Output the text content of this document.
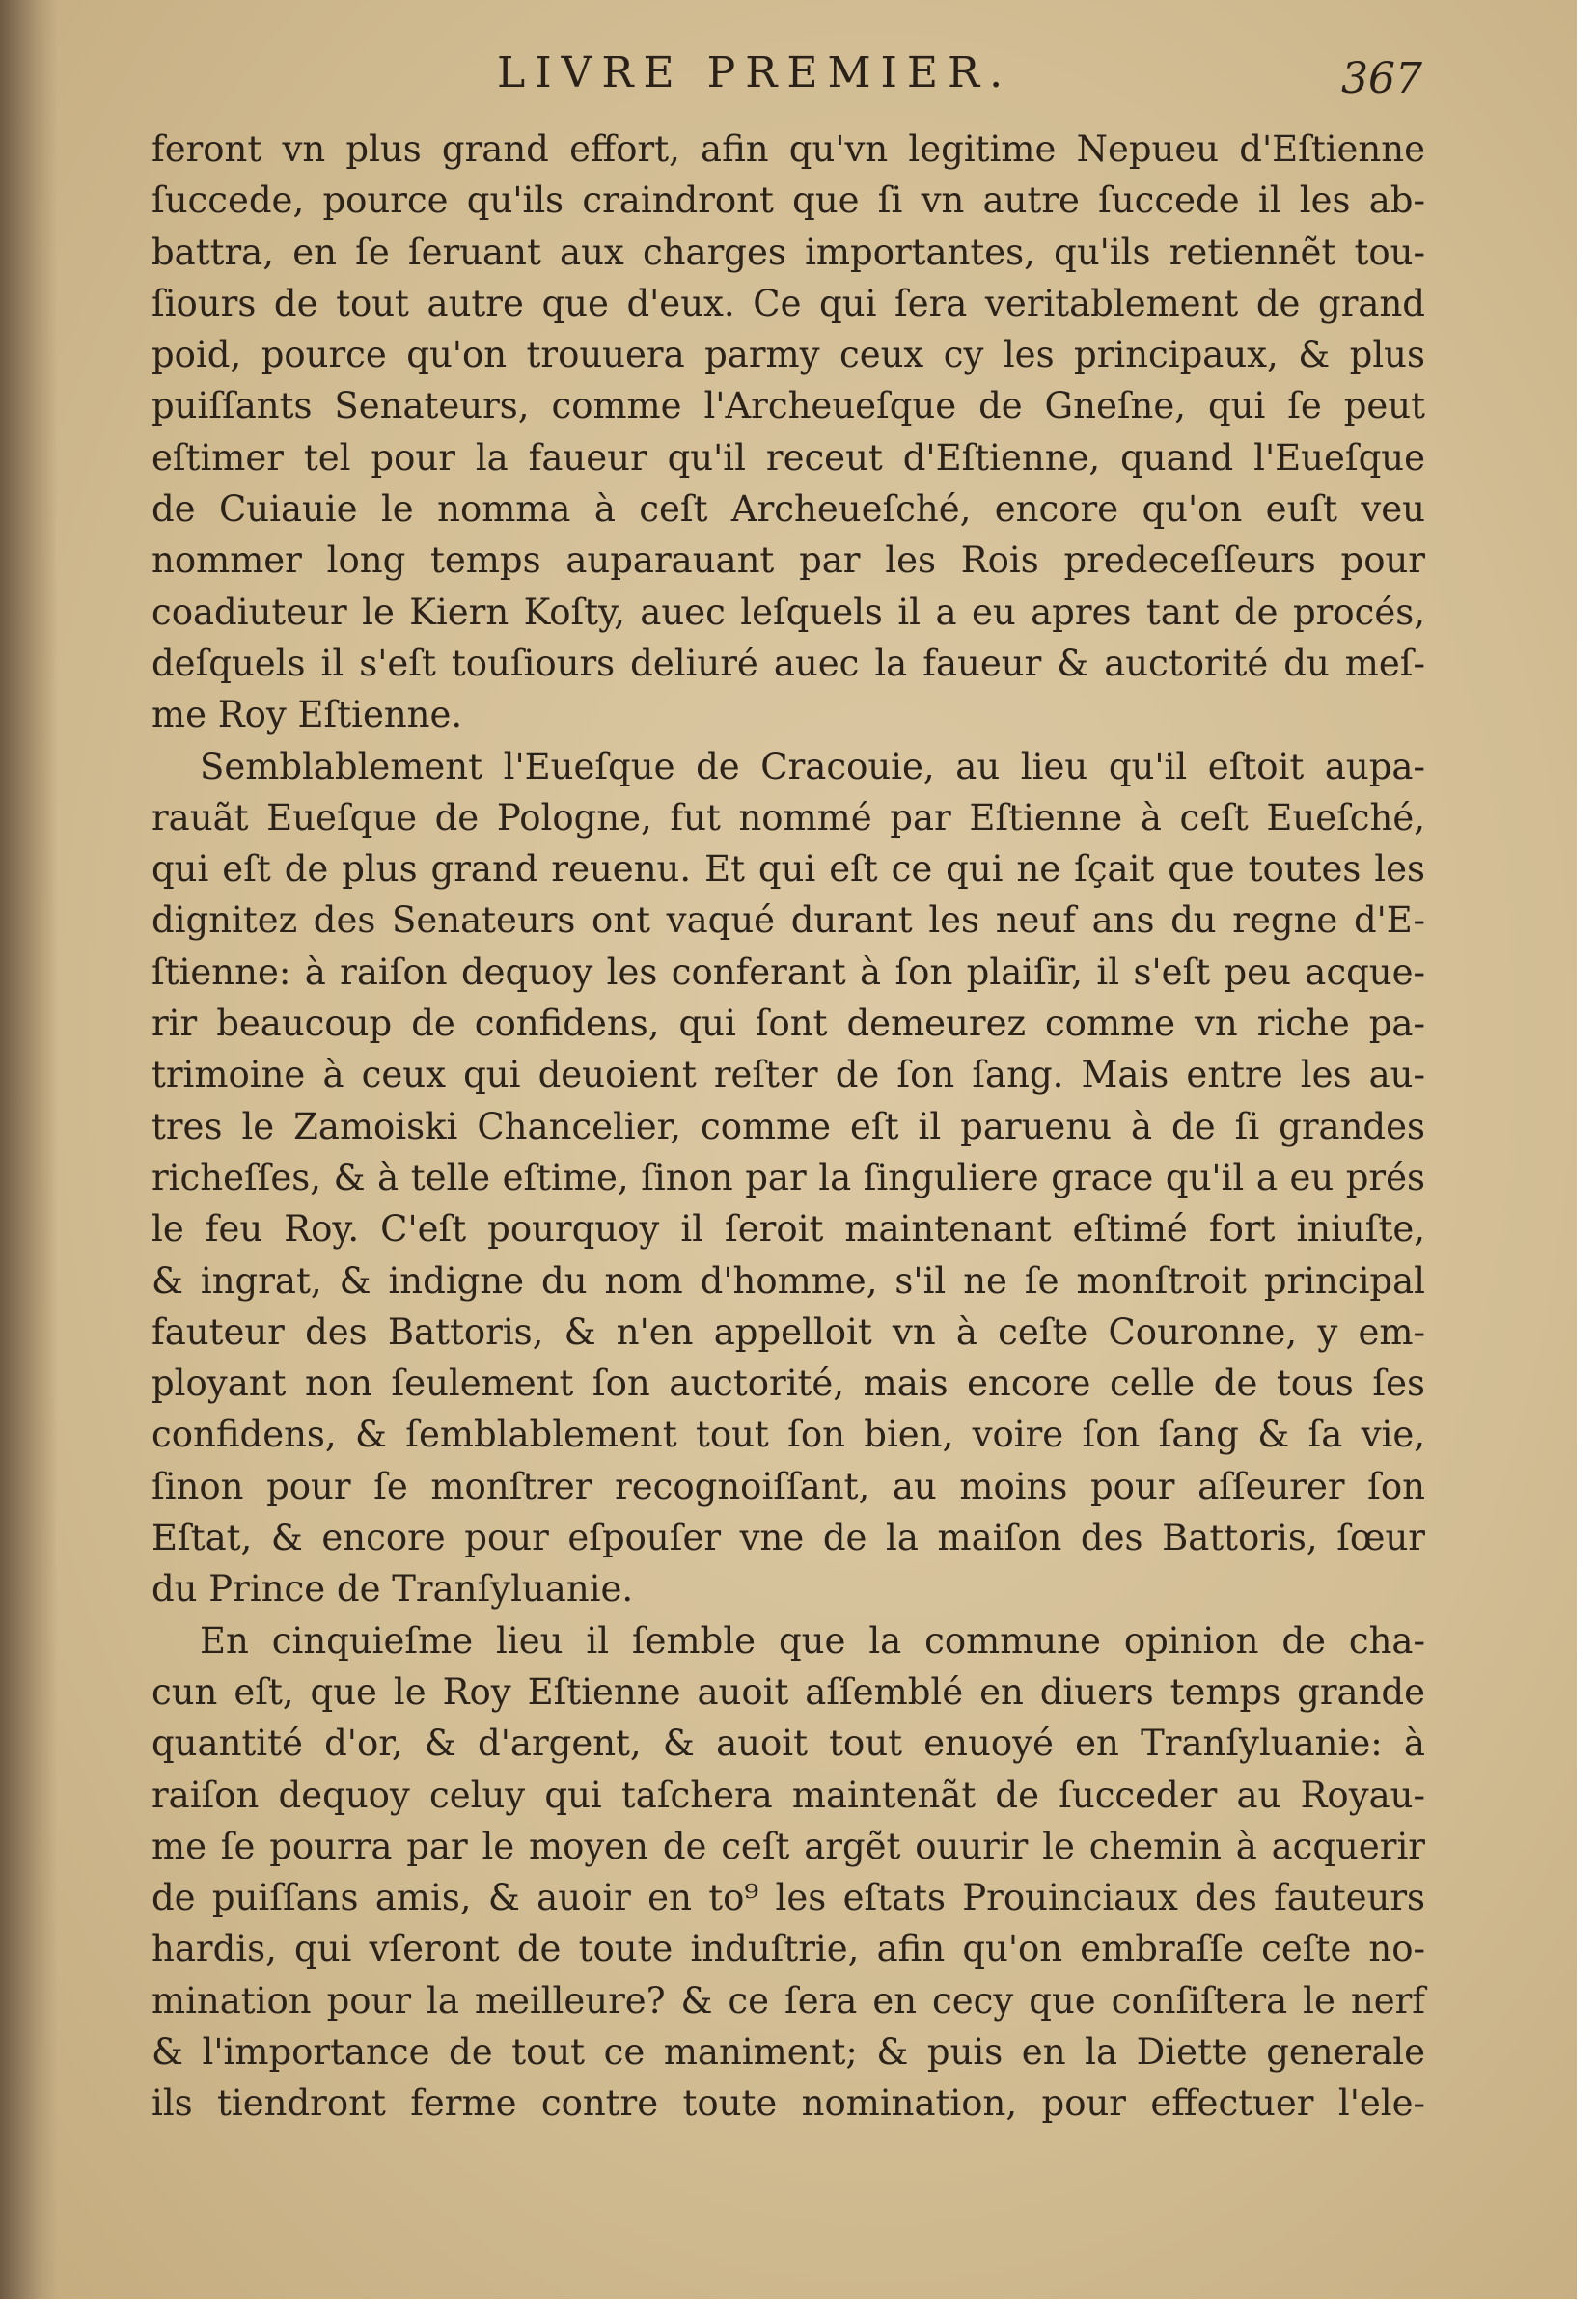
LIVRE PREMIER.	367
feront vn plus grand effort, afin qu'vn legitime Nepueu d'Eſtienne
ſuccede, pource qu'ils craindront que ſi vn autre ſuccede il les ab-
battra, en ſe ſeruant aux charges importantes, qu'ils retiennẽt tou-
ſiours de tout autre que d'eux. Ce qui ſera veritablement de grand
poid, pource qu'on trouuera parmy ceux cy les principaux, & plus
puiſſants Senateurs, comme l'Archeueſque de Gneſne, qui ſe peut
eſtimer tel pour la faueur qu'il receut d'Eſtienne, quand l'Eueſque
de Cuiauie le nomma à ceſt Archeueſché, encore qu'on euſt veu
nommer long temps auparauant par les Rois predeceſſeurs pour
coadiuteur le Kiern Koſty, auec leſquels il a eu apres tant de procés,
deſquels il s'eſt touſiours deliuré auec la faueur & auctorité du meſ-
me Roy Eſtienne.
Semblablement l'Eueſque de Cracouie, au lieu qu'il eſtoit aupa-
rauãt Eueſque de Pologne, fut nommé par Eſtienne à ceſt Eueſché,
qui eſt de plus grand reuenu. Et qui eſt ce qui ne ſçait que toutes les
dignitez des Senateurs ont vaqué durant les neuf ans du regne d'E-
ſtienne: à raiſon dequoy les conferant à ſon plaiſir, il s'eſt peu acque-
rir beaucoup de confidens, qui ſont demeurez comme vn riche pa-
trimoine à ceux qui deuoient reſter de ſon ſang. Mais entre les au-
tres le Zamoiski Chancelier, comme eſt il paruenu à de ſi grandes
richeſſes, & à telle eſtime, ſinon par la ſinguliere grace qu'il a eu prés
le feu Roy. C'eſt pourquoy il ſeroit maintenant eſtimé fort iniuſte,
& ingrat, & indigne du nom d'homme, s'il ne ſe monſtroit principal
fauteur des Battoris, & n'en appelloit vn à ceſte Couronne, y em-
ployant non ſeulement ſon auctorité, mais encore celle de tous ſes
confidens, & ſemblablement tout ſon bien, voire ſon ſang & ſa vie,
ſinon pour ſe monſtrer recognoiſſant, au moins pour aſſeurer ſon
Eſtat, & encore pour eſpouſer vne de la maiſon des Battoris, ſœur
du Prince de Tranſyluanie.
En cinquieſme lieu il ſemble que la commune opinion de cha-
cun eſt, que le Roy Eſtienne auoit aſſemblé en diuers temps grande
quantité d'or, & d'argent, & auoit tout enuoyé en Tranſyluanie: à
raiſon dequoy celuy qui taſchera maintenãt de ſucceder au Royau-
me ſe pourra par le moyen de ceſt argẽt ouurir le chemin à acquerir
de puiſſans amis, & auoir en to⁹ les eſtats Prouinciaux des fauteurs
hardis, qui vſeront de toute induſtrie, afin qu'on embraſſe ceſte no-
mination pour la meilleure? & ce ſera en cecy que conſiſtera le nerf
& l'importance de tout ce maniment; & puis en la Diette generale
ils tiendront ferme contre toute nomination, pour effectuer l'ele-
